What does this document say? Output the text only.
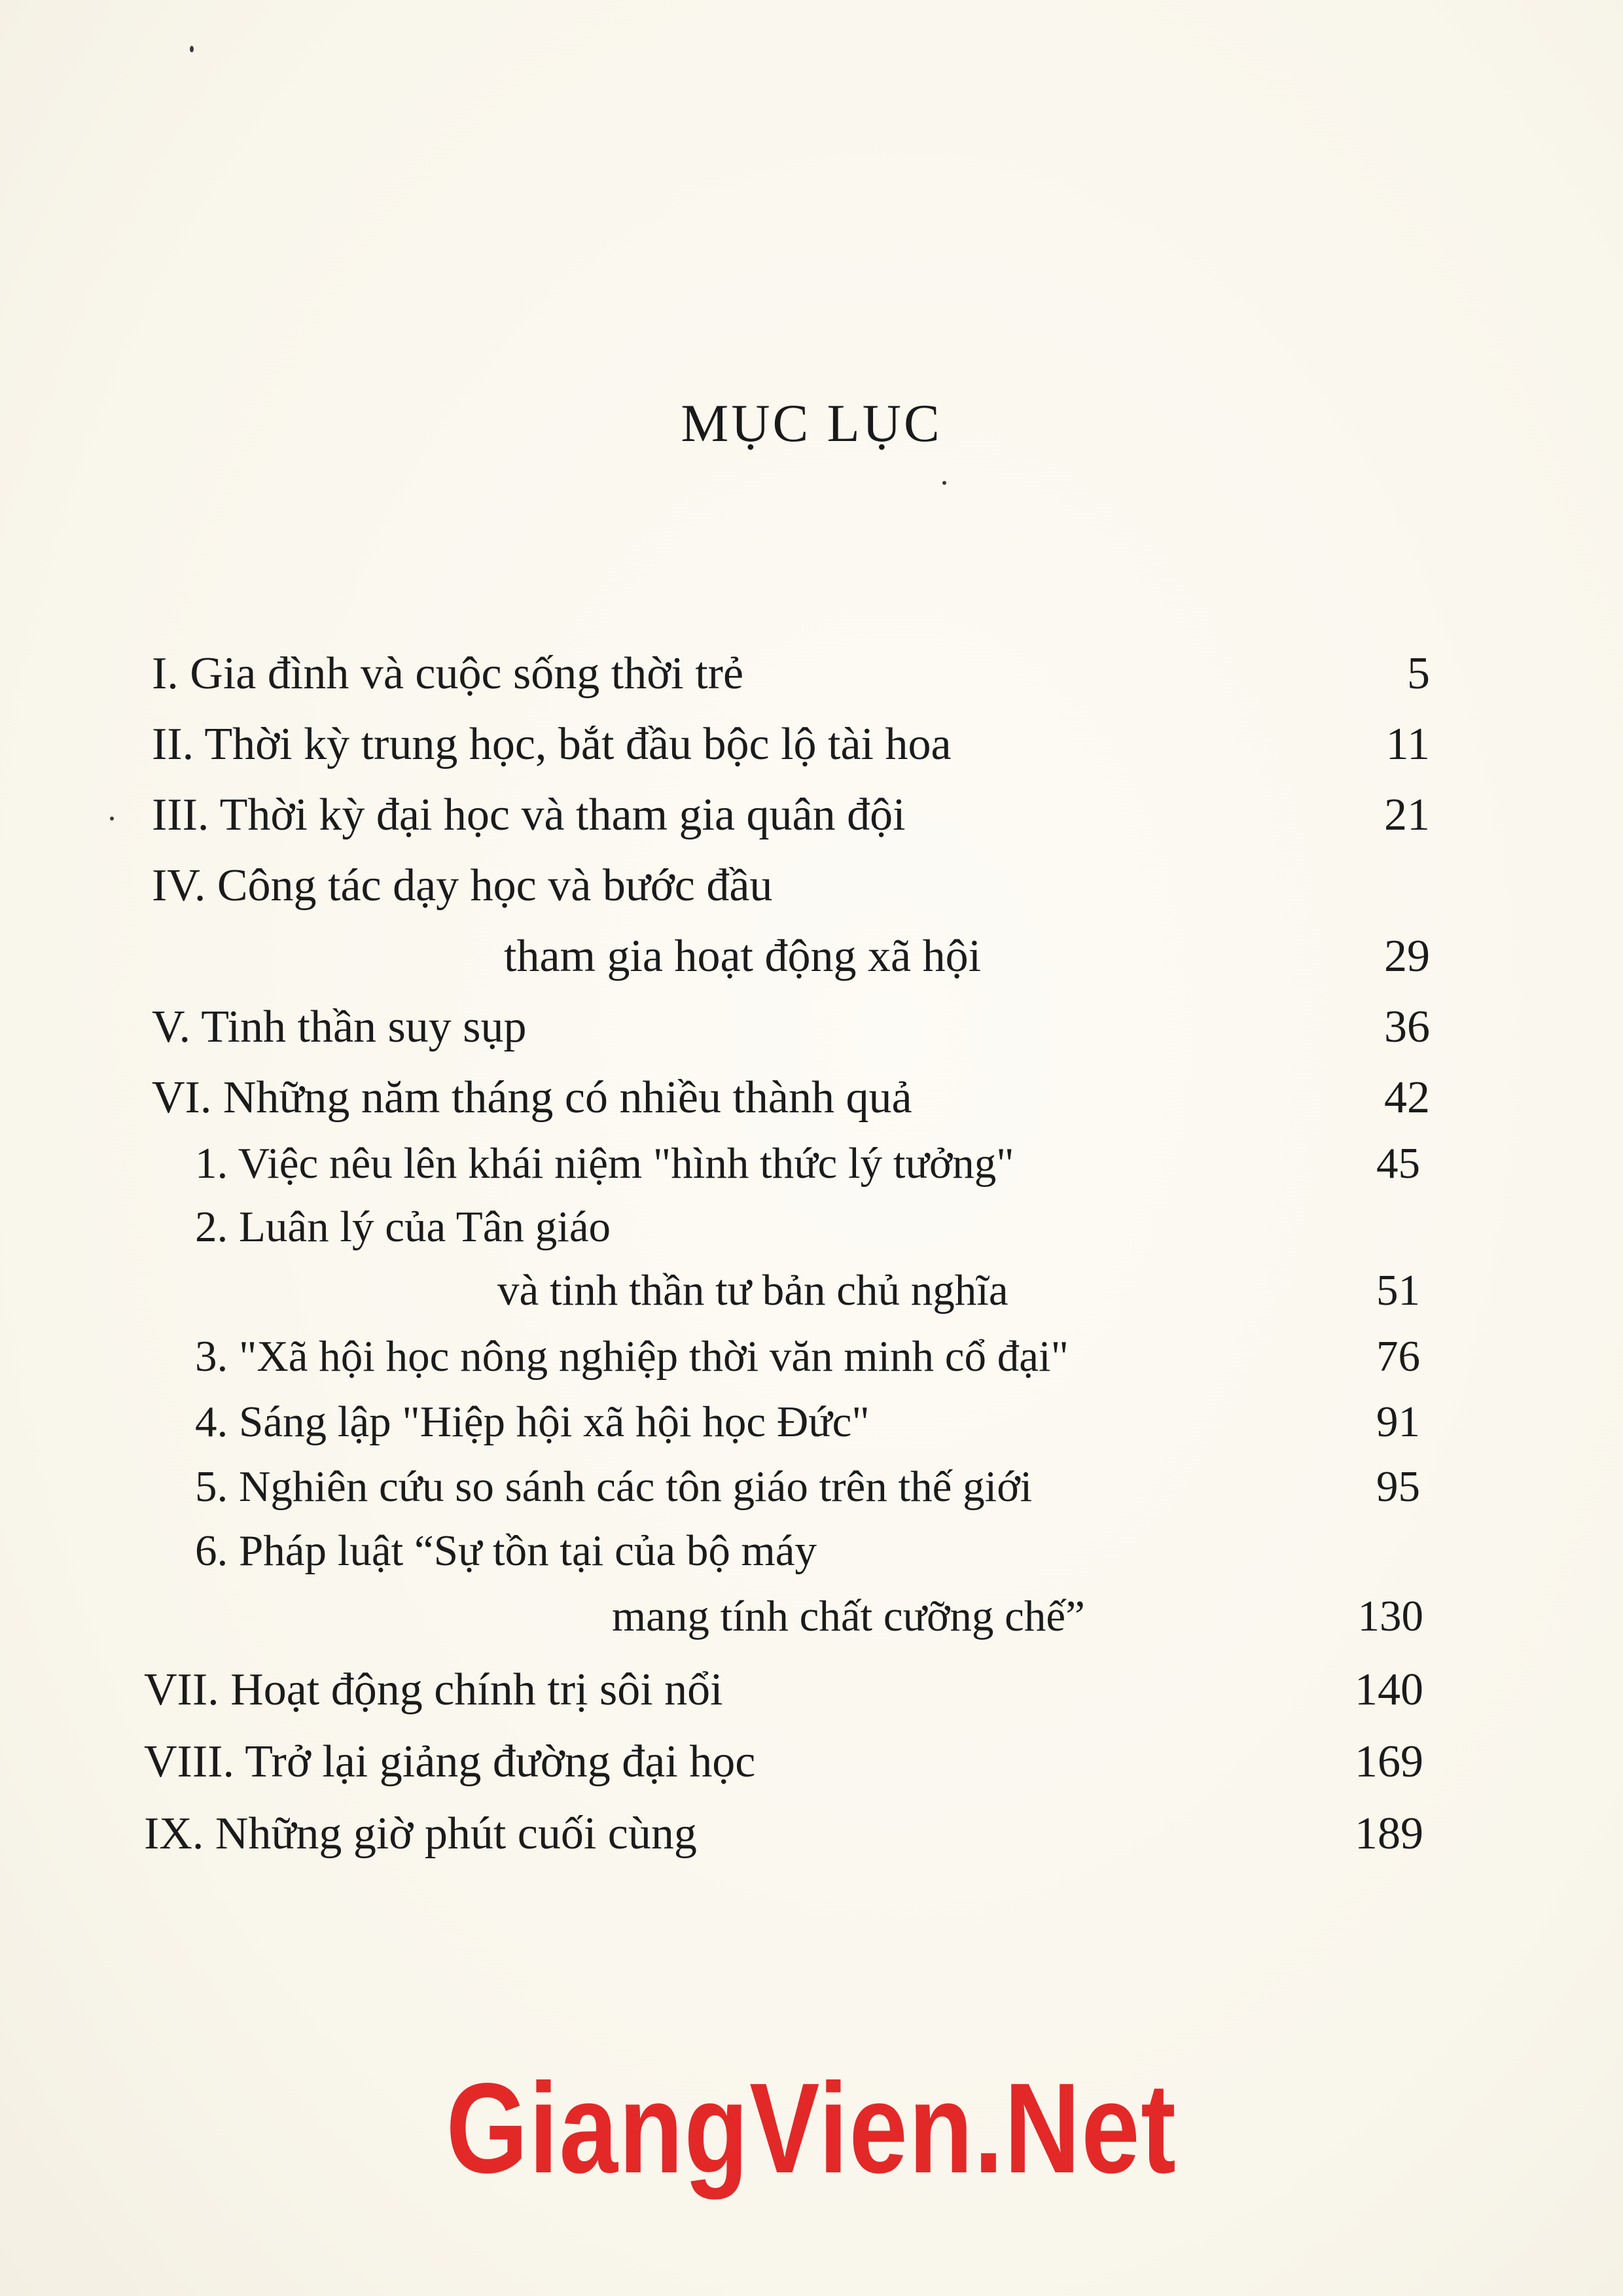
MỤC LỤC
I. Gia đình và cuộc sống thời trẻ	5
II. Thời kỳ trung học, bắt đầu bộc lộ tài hoa	11
III. Thời kỳ đại học và tham gia quân đội	21
IV. Công tác dạy học và bước đầu
tham gia hoạt động xã hội	29
V. Tinh thần suy sụp	36
VI. Những năm tháng có nhiều thành quả	42
1. Việc nêu lên khái niệm "hình thức lý tưởng"	45
2. Luân lý của Tân giáo
và tinh thần tư bản chủ nghĩa	51
3. "Xã hội học nông nghiệp thời văn minh cổ đại"	76
4. Sáng lập "Hiệp hội xã hội học Đức"	91
5. Nghiên cứu so sánh các tôn giáo trên thế giới	95
6. Pháp luật “Sự tồn tại của bộ máy
mang tính chất cưỡng chế”	130
VII. Hoạt động chính trị sôi nổi	140
VIII. Trở lại giảng đường đại học	169
IX. Những giờ phút cuối cùng	189
GiangVien.Net
